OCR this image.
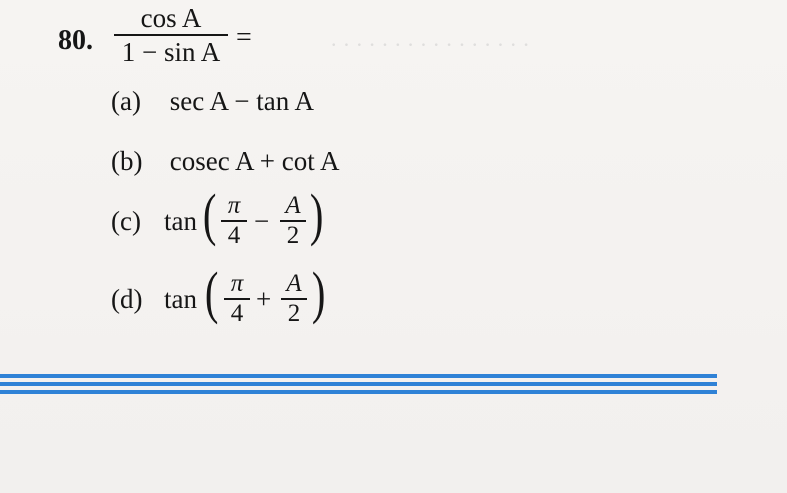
· · · · · · · · · · · · · · · ·
80.
cos A
1 − sin A =
(a) sec A − tan A
(b) cosec A + cot A
(c) tan ( π
4 −
A
2 )
(d) tan ( π
4 +
A
2 )
